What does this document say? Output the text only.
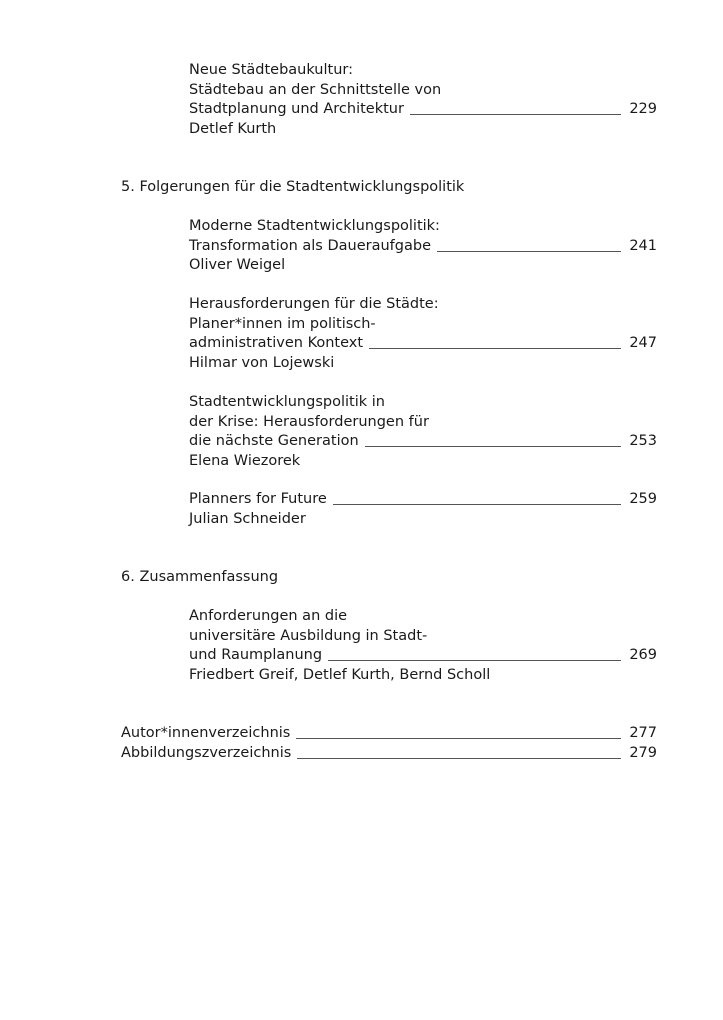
Neue Städtebaukultur:
Städtebau an der Schnittstelle von
Stadtplanung und Architektur	229
Detlef Kurth
5. Folgerungen für die Stadtentwicklungspolitik
Moderne Stadtentwicklungspolitik:
Transformation als Daueraufgabe	241
Oliver Weigel
Herausforderungen für die Städte:
Planer*innen im politisch-
administrativen Kontext	247
Hilmar von Lojewski
Stadtentwicklungspolitik in
der Krise: Herausforderungen für
die nächste Generation	253
Elena Wiezorek
Planners for Future	259
Julian Schneider
6. Zusammenfassung
Anforderungen an die
universitäre Ausbildung in Stadt-
und Raumplanung	269
Friedbert Greif, Detlef Kurth, Bernd Scholl
Autor*innenverzeichnis	277
Abbildungszverzeichnis	279
